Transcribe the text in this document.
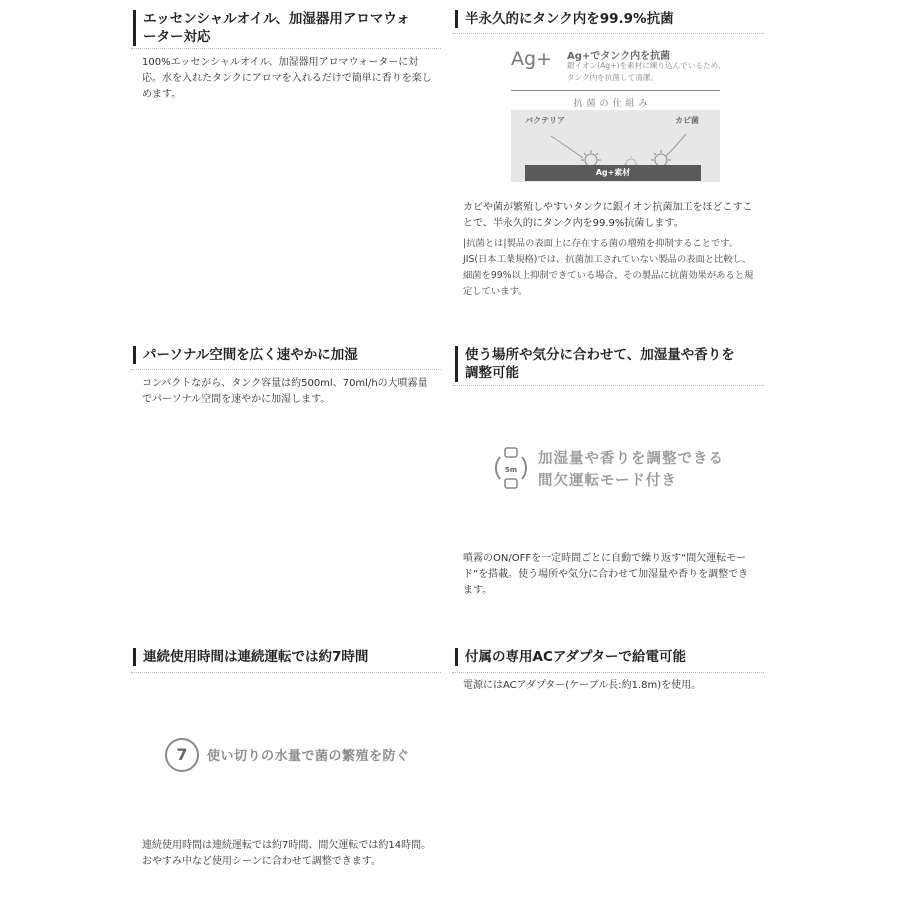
エッセンシャルオイル、加湿器用アロマウォ
ーター対応

100%エッセンシャルオイル、加湿器用アロマウォーターに対応。水を入れたタンクにアロマを入れるだけで簡単に香りを楽しめます。

半永久的にタンク内を99.9%抗菌
Ag+ Ag+でタンク内を抗菌
銀イオン(Ag+)を素材に練り込んでいるため、タンク内を抗菌して清潔。
抗菌の仕組み
バクテリア	カビ菌
Ag+素材

カビや菌が繁殖しやすいタンクに銀イオン抗菌加工をほどこすことで、半永久的にタンク内を99.9%抗菌します。

|抗菌とは|製品の表面上に存在する菌の増殖を抑制することです。JIS(日本工業規格)では、抗菌加工されていない製品の表面と比較し、細菌を99%以上抑制できている場合、その製品に抗菌効果があると規定しています。

パーソナル空間を広く速やかに加湿

コンパクトながら、タンク容量は約500ml、70ml/hの大噴霧量でパーソナル空間を速やかに加湿します。

使う場所や気分に合わせて、加湿量や香りを
調整可能
5m
加湿量や香りを調整できる
間欠運転モード付き

噴霧のON/OFFを一定時間ごとに自動で繰り返す“間欠運転モード”を搭載。使う場所や気分に合わせて加湿量や香りを調整できます。

連続使用時間は連続運転では約7時間
7	使い切りの水量で菌の繁殖を防ぐ

連続使用時間は連続運転では約7時間、間欠運転では約14時間。おやすみ中など使用シーンに合わせて調整できます。

付属の専用ACアダプターで給電可能

電源にはACアダプター(ケーブル長:約1.8m)を使用。
